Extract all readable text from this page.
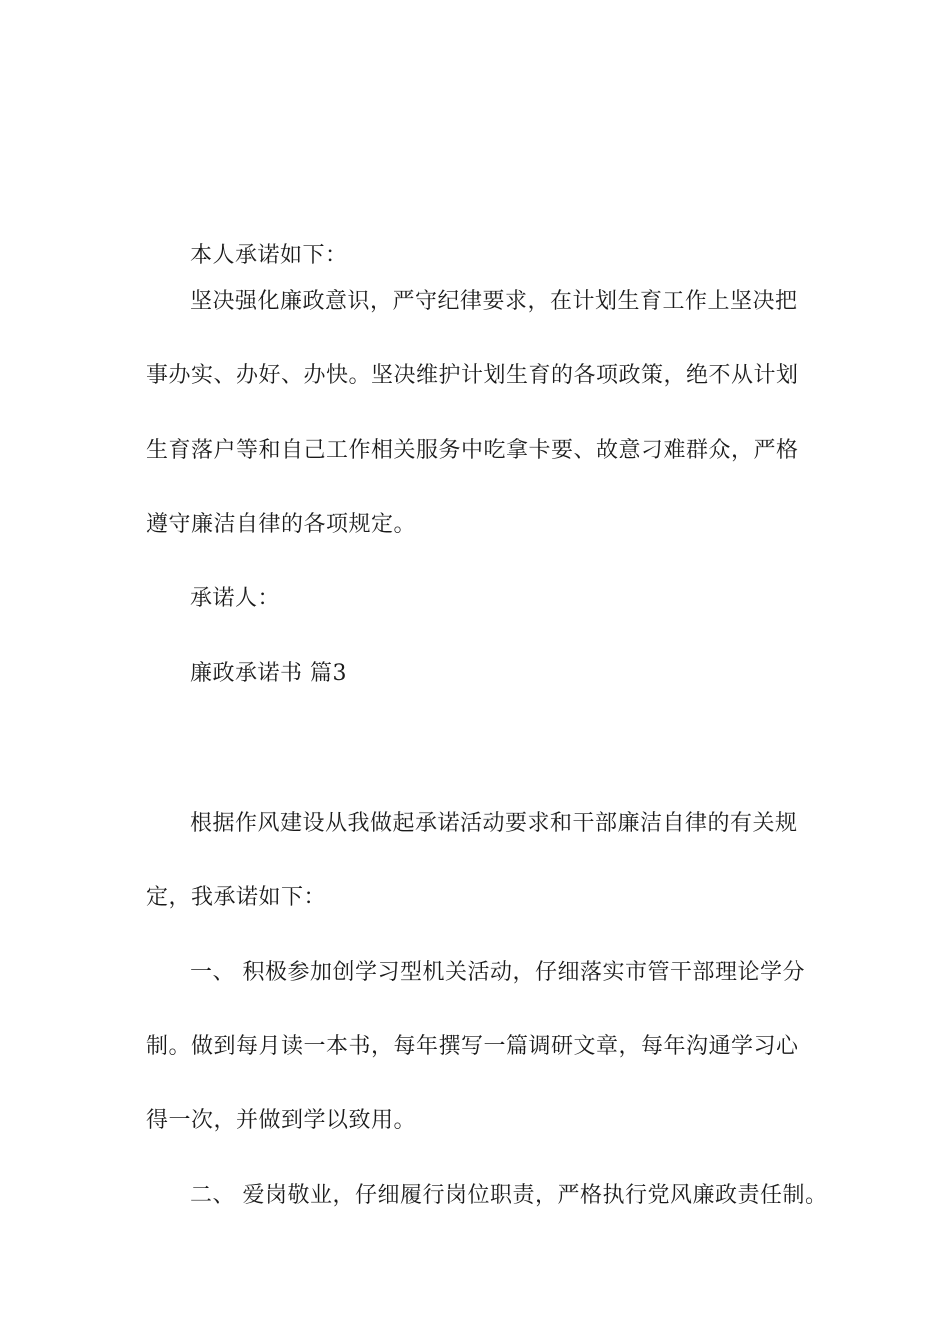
本人承诺如下：
坚决强化廉政意识，严守纪律要求，在计划生育工作上坚决把
事办实、办好、办快。坚决维护计划生育的各项政策，绝不从计划
生育落户等和自己工作相关服务中吃拿卡要、故意刁难群众，严格
遵守廉洁自律的各项规定。
承诺人：
廉政承诺书 篇3
根据作风建设从我做起承诺活动要求和干部廉洁自律的有关规
定，我承诺如下：
一、 积极参加创学习型机关活动，仔细落实市管干部理论学分
制。做到每月读一本书，每年撰写一篇调研文章，每年沟通学习心
得一次，并做到学以致用。
二、 爱岗敬业，仔细履行岗位职责，严格执行党风廉政责任制。
